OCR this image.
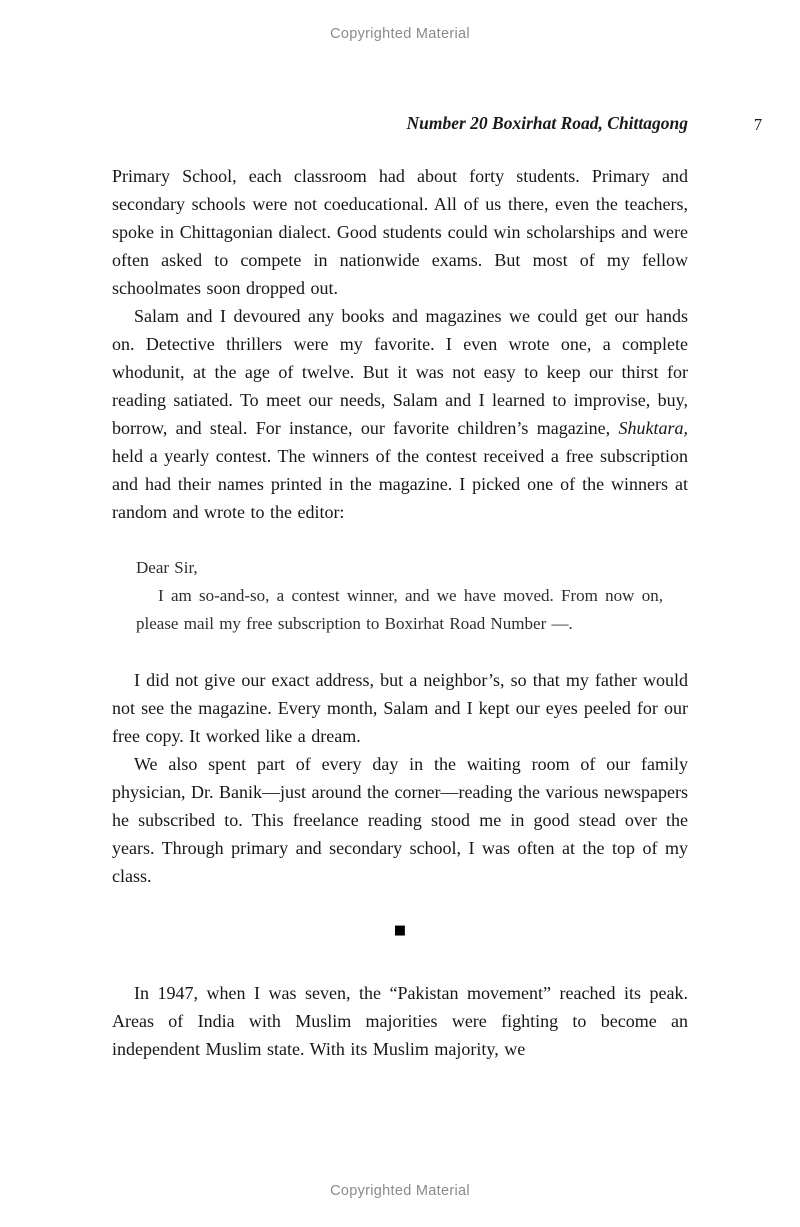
Copyrighted Material
Number 20 Boxirhat Road, Chittagong	7

Primary School, each classroom had about forty students. Primary and secondary schools were not coeducational. All of us there, even the teachers, spoke in Chittagonian dialect. Good students could win scholarships and were often asked to compete in nationwide exams. But most of my fellow schoolmates soon dropped out.

Salam and I devoured any books and magazines we could get our hands on. Detective thrillers were my favorite. I even wrote one, a complete whodunit, at the age of twelve. But it was not easy to keep our thirst for reading satiated. To meet our needs, Salam and I learned to improvise, buy, borrow, and steal. For instance, our favorite children’s magazine, Shuktara, held a yearly contest. The winners of the contest received a free subscription and had their names printed in the magazine. I picked one of the winners at random and wrote to the editor:

Dear Sir,

I am so-and-so, a contest winner, and we have moved. From now on, please mail my free subscription to Boxirhat Road Number —.

I did not give our exact address, but a neighbor’s, so that my father would not see the magazine. Every month, Salam and I kept our eyes peeled for our free copy. It worked like a dream.

We also spent part of every day in the waiting room of our family physician, Dr. Banik—just around the corner—reading the various newspapers he subscribed to. This freelance reading stood me in good stead over the years. Through primary and secondary school, I was often at the top of my class.

■

In 1947, when I was seven, the “Pakistan movement” reached its peak. Areas of India with Muslim majorities were fighting to become an independent Muslim state. With its Muslim majority, we

Copyrighted Material
